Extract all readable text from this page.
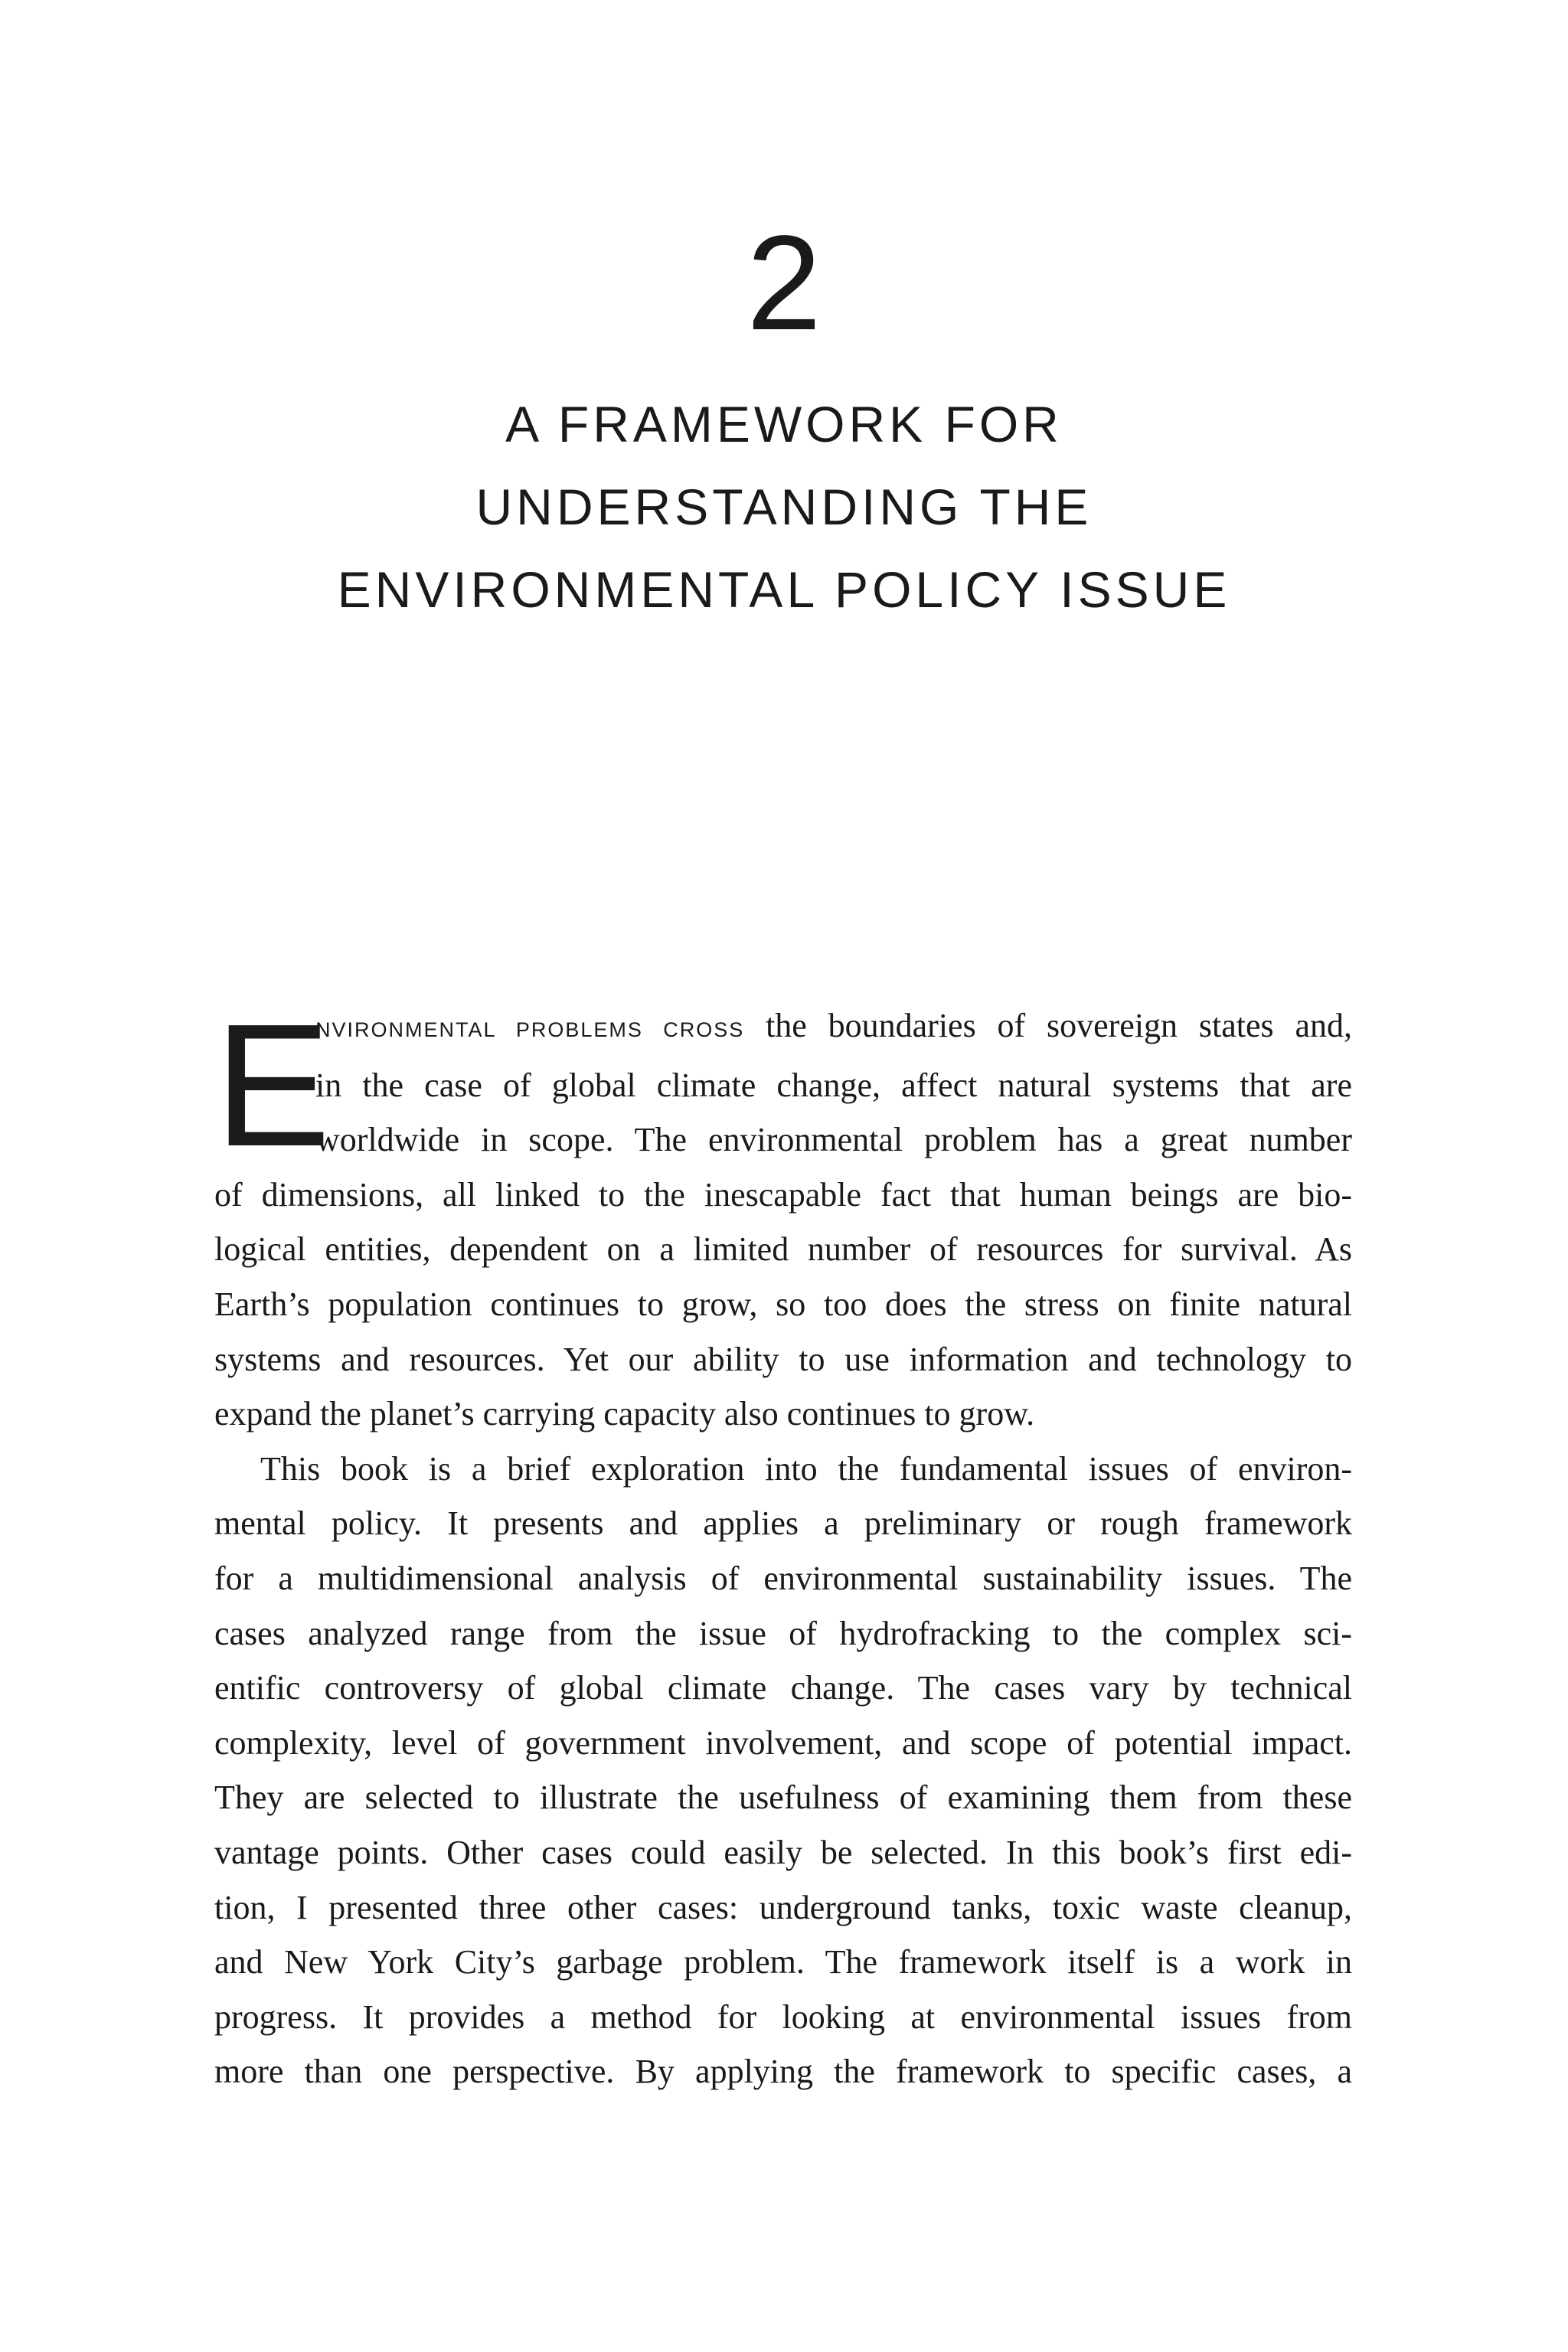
2
A FRAMEWORK FOR
UNDERSTANDING THE
ENVIRONMENTAL POLICY ISSUE
E
NVIRONMENTAL PROBLEMS CROSS the boundaries of sovereign states and,
in the case of global climate change, affect natural systems that are
worldwide in scope. The environmental problem has a great number
of dimensions, all linked to the inescapable fact that human beings are bio-
logical entities, dependent on a limited number of resources for survival. As
Earth’s population continues to grow, so too does the stress on finite natural
systems and resources. Yet our ability to use information and technology to
expand the planet’s carrying capacity also continues to grow.
This book is a brief exploration into the fundamental issues of environ-
mental policy. It presents and applies a preliminary or rough framework
for a multidimensional analysis of environmental sustainability issues. The
cases analyzed range from the issue of hydrofracking to the complex sci-
entific controversy of global climate change. The cases vary by technical
complexity, level of government involvement, and scope of potential impact.
They are selected to illustrate the usefulness of examining them from these
vantage points. Other cases could easily be selected. In this book’s first edi-
tion, I presented three other cases: underground tanks, toxic waste cleanup,
and New York City’s garbage problem. The framework itself is a work in
progress. It provides a method for looking at environmental issues from
more than one perspective. By applying the framework to specific cases, a
